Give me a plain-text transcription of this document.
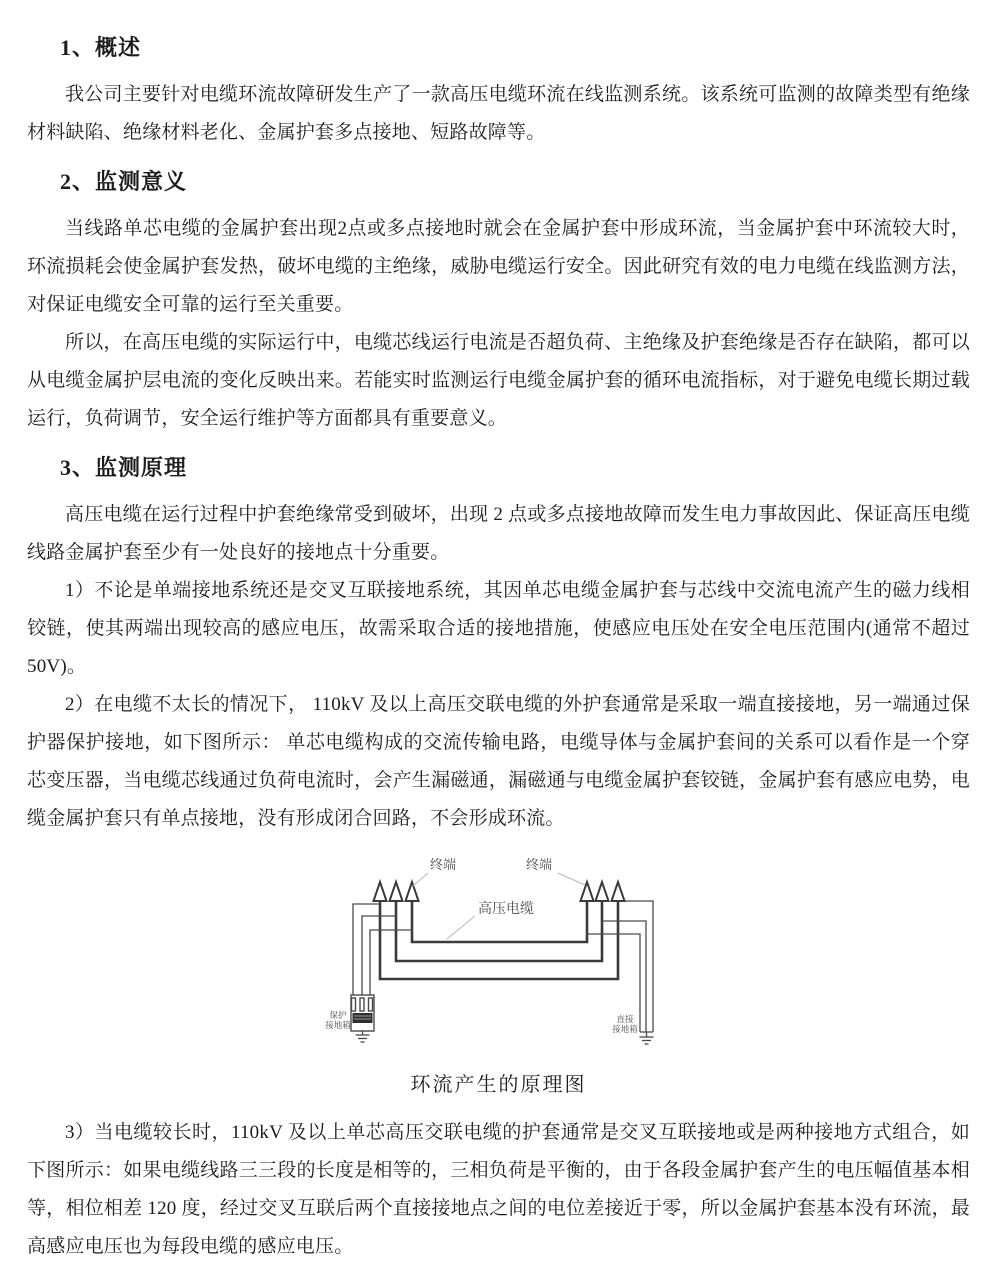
1、概述

我公司主要针对电缆环流故障研发生产了一款高压电缆环流在线监测系统。该系统可监测的故障类型有绝缘材料缺陷、绝缘材料老化、金属护套多点接地、短路故障等。

2、监测意义

当线路单芯电缆的金属护套出现2点或多点接地时就会在金属护套中形成环流，当金属护套中环流较大时，环流损耗会使金属护套发热，破坏电缆的主绝缘，威胁电缆运行安全。因此研究有效的电力电缆在线监测方法，对保证电缆安全可靠的运行至关重要。

所以，在高压电缆的实际运行中，电缆芯线运行电流是否超负荷、主绝缘及护套绝缘是否存在缺陷，都可以从电缆金属护层电流的变化反映出来。若能实时监测运行电缆金属护套的循环电流指标，对于避免电缆长期过载运行，负荷调节，安全运行维护等方面都具有重要意义。

3、监测原理

高压电缆在运行过程中护套绝缘常受到破坏，出现 2 点或多点接地故障而发生电力事故因此、保证高压电缆线路金属护套至少有一处良好的接地点十分重要。

1）不论是单端接地系统还是交叉互联接地系统，其因单芯电缆金属护套与芯线中交流电流产生的磁力线相铰链，使其两端出现较高的感应电压，故需采取合适的接地措施，使感应电压处在安全电压范围内(通常不超过 50V)。

2）在电缆不太长的情况下， 110kV 及以上高压交联电缆的外护套通常是采取一端直接接地，另一端通过保护器保护接地，如下图所示： 单芯电缆构成的交流传输电路，电缆导体与金属护套间的关系可以看作是一个穿芯变压器，当电缆芯线通过负荷电流时，会产生漏磁通，漏磁通与电缆金属护套铰链，金属护套有感应电势，电缆金属护套只有单点接地，没有形成闭合回路，不会形成环流。

终端	终端
高压电缆
保护
接地箱
直接
接地箱
环流产生的原理图

3）当电缆较长时，110kV 及以上单芯高压交联电缆的护套通常是交叉互联接地或是两种接地方式组合，如下图所示：如果电缆线路三三段的长度是相等的，三相负荷是平衡的，由于各段金属护套产生的电压幅值基本相等，相位相差 120 度，经过交叉互联后两个直接接地点之间的电位差接近于零，所以金属护套基本没有环流，最高感应电压也为每段电缆的感应电压。
